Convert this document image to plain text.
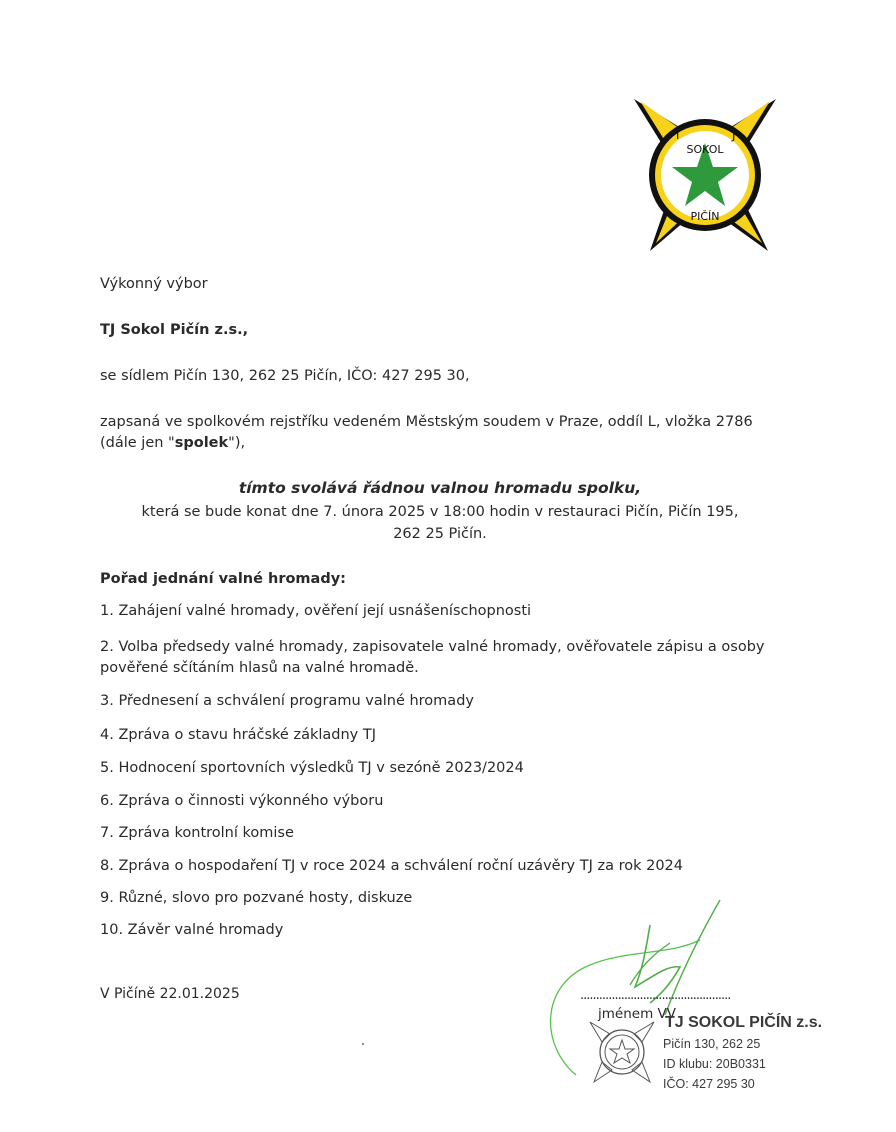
T	J
SOKOL
PIČÍN
Výkonný výbor
TJ Sokol Pičín z.s.,
se sídlem Pičín 130, 262 25 Pičín, IČO: 427 295 30,
zapsaná ve spolkovém rejstříku vedeném Městským soudem v Praze, oddíl L, vložka 2786
(dále jen "spolek"),
tímto svolává řádnou valnou hromadu spolku,
která se bude konat dne 7. února 2025 v 18:00 hodin v restauraci Pičín, Pičín 195,
262 25 Pičín.
Pořad jednání valné hromady:
1. Zahájení valné hromady, ověření její usnášeníschopnosti
2. Volba předsedy valné hromady, zapisovatele valné hromady, ověřovatele zápisu a osoby
pověřené sčítáním hlasů na valné hromadě.
3. Přednesení a schválení programu valné hromady
4. Zpráva o stavu hráčské základny TJ
5. Hodnocení sportovních výsledků TJ v sezóně 2023/2024
6. Zpráva o činnosti výkonného výboru
7. Zpráva kontrolní komise
8. Zpráva o hospodaření TJ v roce 2024 a schválení roční uzávěry TJ za rok 2024
9. Různé, slovo pro pozvané hosty, diskuze
10. Závěr valné hromady
V Pičíně 22.01.2025	................................................
jménem VV
TJ SOKOL PIČÍN z.s.
Pičín 130, 262 25
ID klubu: 20B0331
IČO: 427 295 30
